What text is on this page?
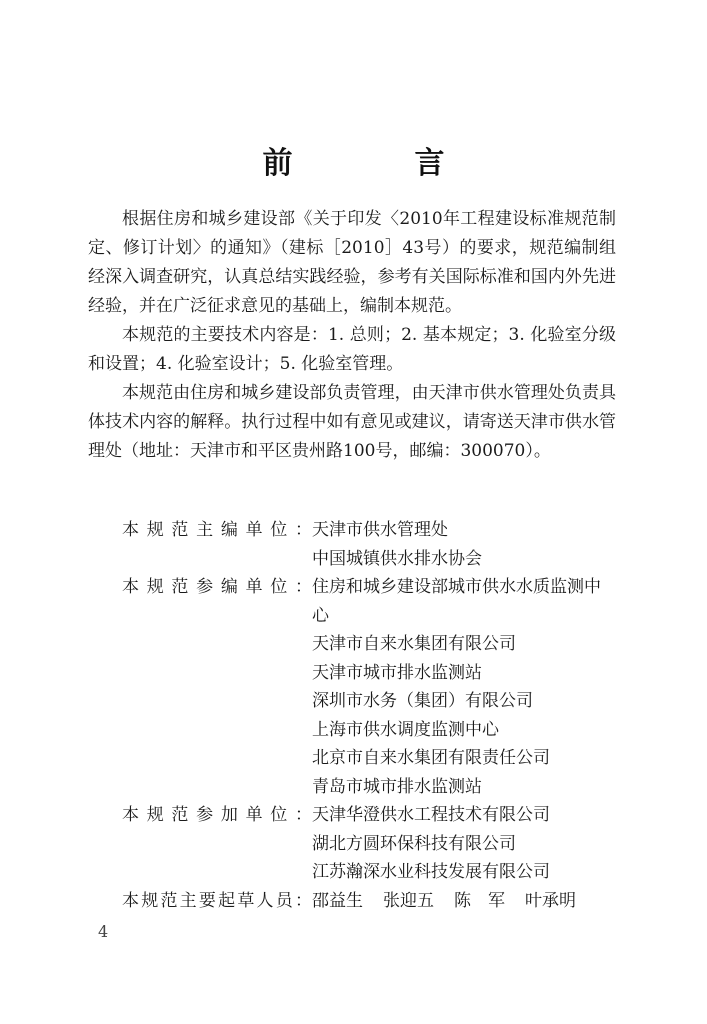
前　言

根据住房和城乡建设部《关于印发〈2010年工程建设标准规范制定、修订计划〉的通知》（建标［2010］43号）的要求，规范编制组经深入调查研究，认真总结实践经验，参考有关国际标准和国内外先进经验，并在广泛征求意见的基础上，编制本规范。

本规范的主要技术内容是：1. 总则；2. 基本规定；3. 化验室分级和设置；4. 化验室设计；5. 化验室管理。

本规范由住房和城乡建设部负责管理，由天津市供水管理处负责具体技术内容的解释。执行过程中如有意见或建议，请寄送天津市供水管理处（地址：天津市和平区贵州路100号，邮编：300070）。

本规范主编单位： 天津市供水管理处
中国城镇供水排水协会
本规范参编单位： 住房和城乡建设部城市供水水质监测中心
天津市自来水集团有限公司
天津市城市排水监测站
深圳市水务（集团）有限公司
上海市供水调度监测中心
北京市自来水集团有限责任公司
青岛市城市排水监测站
本规范参加单位： 天津华澄供水工程技术有限公司
湖北方圆环保科技有限公司
江苏瀚深水业科技发展有限公司
本规范主要起草人员： 邵益生 张迎五 陈　军 叶承明
4
